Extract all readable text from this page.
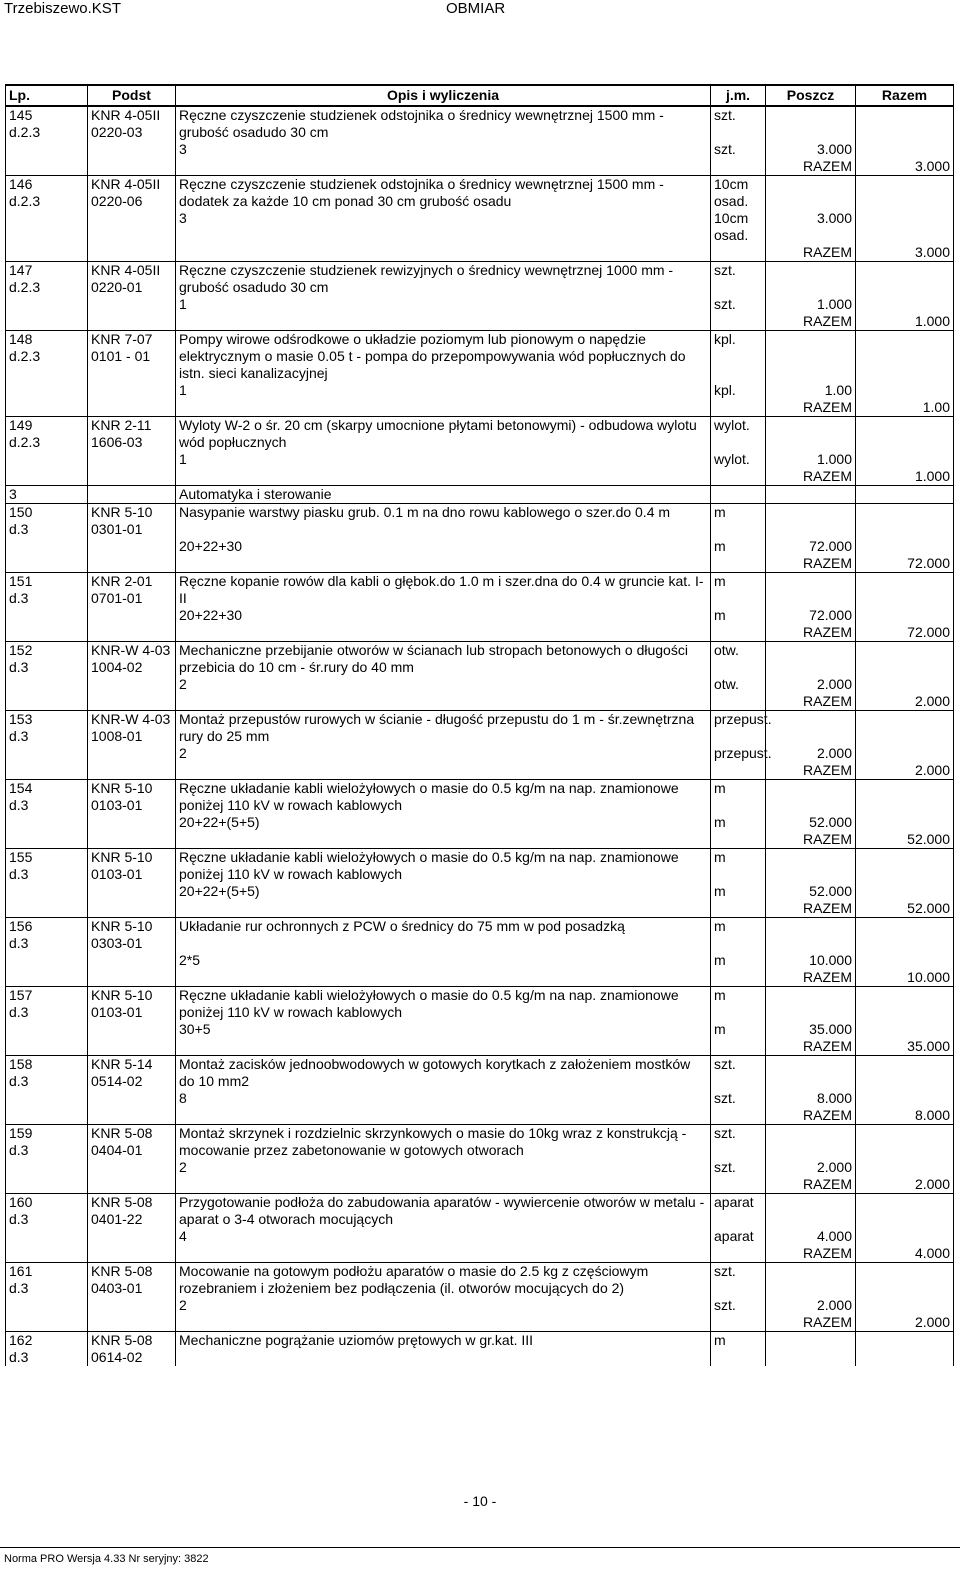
Trzebiszewo.KST	OBMIAR
Lp.	Podst	Opis i wyliczenia	j.m.	Poszcz	Razem

145
d.2.3	KNR 4-05II 0220-03	Ręczne czyszczenie studzienek odstojnika o średnicy wewnętrznej 1500 mm - grubość osadudo 30 cm	szt.		
		3	szt.	3.000	
				RAZEM	3.000

146
d.2.3	KNR 4-05II 0220-06	Ręczne czyszczenie studzienek odstojnika o średnicy wewnętrznej 1500 mm - dodatek za każde 10 cm ponad 30 cm grubość osadu	10cm osad.		
		3	10cm osad.	3.000	
				RAZEM	3.000

147
d.2.3	KNR 4-05II 0220-01	Ręczne czyszczenie studzienek rewizyjnych o średnicy wewnętrznej 1000 mm - grubość osadudo 30 cm	szt.		
		1	szt.	1.000	
				RAZEM	1.000

148
d.2.3	KNR 7-07 0101 - 01	Pompy wirowe odśrodkowe o układzie poziomym lub pionowym o napędzie elektrycznym o masie 0.05 t - pompa do przepompowywania wód popłucznych do istn. sieci kanalizacyjnej	kpl.		
		1	kpl.	1.00	
				RAZEM	1.00

149
d.2.3	KNR 2-11 1606-03	Wyloty W-2 o śr. 20 cm (skarpy umocnione płytami betonowymi) - odbudowa wylotu wód popłucznych	wylot.		
		1	wylot.	1.000	
				RAZEM	1.000
3		Automatyka i sterowanie			

150
d.3	KNR 5-10 0301-01	Nasypanie warstwy piasku grub. 0.1 m na dno rowu kablowego o szer.do 0.4 m	m		
		20+22+30	m	72.000	
				RAZEM	72.000

151
d.3	KNR 2-01 0701-01	Ręczne kopanie rowów dla kabli o głębok.do 1.0 m i szer.dna do 0.4 w gruncie kat. I-II	m		
		20+22+30	m	72.000	
				RAZEM	72.000

152
d.3	KNR-W 4-03 1004-02	Mechaniczne przebijanie otworów w ścianach lub stropach betonowych o długości przebicia do 10 cm - śr.rury do 40 mm	otw.		
		2	otw.	2.000	
				RAZEM	2.000

153
d.3	KNR-W 4-03 1008-01	Montaż przepustów rurowych w ścianie - długość przepustu do 1 m - śr.zewnętrzna rury do 25 mm	przepust.		
		2	przepust.	2.000	
				RAZEM	2.000

154
d.3	KNR 5-10 0103-01	Ręczne układanie kabli wielożyłowych o masie do 0.5 kg/m na nap. znamionowe poniżej 110 kV w rowach kablowych	m		
		20+22+(5+5)	m	52.000	
				RAZEM	52.000

155
d.3	KNR 5-10 0103-01	Ręczne układanie kabli wielożyłowych o masie do 0.5 kg/m na nap. znamionowe poniżej 110 kV w rowach kablowych	m		
		20+22+(5+5)	m	52.000	
				RAZEM	52.000

156
d.3	KNR 5-10 0303-01	Układanie rur ochronnych z PCW o średnicy do 75 mm w pod posadzką	m		
		2*5	m	10.000	
				RAZEM	10.000

157
d.3	KNR 5-10 0103-01	Ręczne układanie kabli wielożyłowych o masie do 0.5 kg/m na nap. znamionowe poniżej 110 kV w rowach kablowych	m		
		30+5	m	35.000	
				RAZEM	35.000

158
d.3	KNR 5-14 0514-02	Montaż zacisków jednoobwodowych w gotowych korytkach z założeniem mostków do 10 mm2	szt.		
		8	szt.	8.000	
				RAZEM	8.000

159
d.3	KNR 5-08 0404-01	Montaż skrzynek i rozdzielnic skrzynkowych o masie do 10kg wraz z konstrukcją - mocowanie przez zabetonowanie w gotowych otworach	szt.		
		2	szt.	2.000	
				RAZEM	2.000

160
d.3	KNR 5-08 0401-22	Przygotowanie podłoża do zabudowania aparatów - wywiercenie otworów w metalu - aparat o 3-4 otworach mocujących	aparat		
		4	aparat	4.000	
				RAZEM	4.000

161
d.3	KNR 5-08 0403-01	Mocowanie na gotowym podłożu aparatów o masie do 2.5 kg z częściowym rozebraniem i złożeniem bez podłączenia (il. otworów mocujących do 2)	szt.		
		2	szt.	2.000	
				RAZEM	2.000

162
d.3	KNR 5-08 0614-02	Mechaniczne pogrążanie uziomów prętowych w gr.kat. III	m		
- 10 -
Norma PRO Wersja 4.33 Nr seryjny: 3822
